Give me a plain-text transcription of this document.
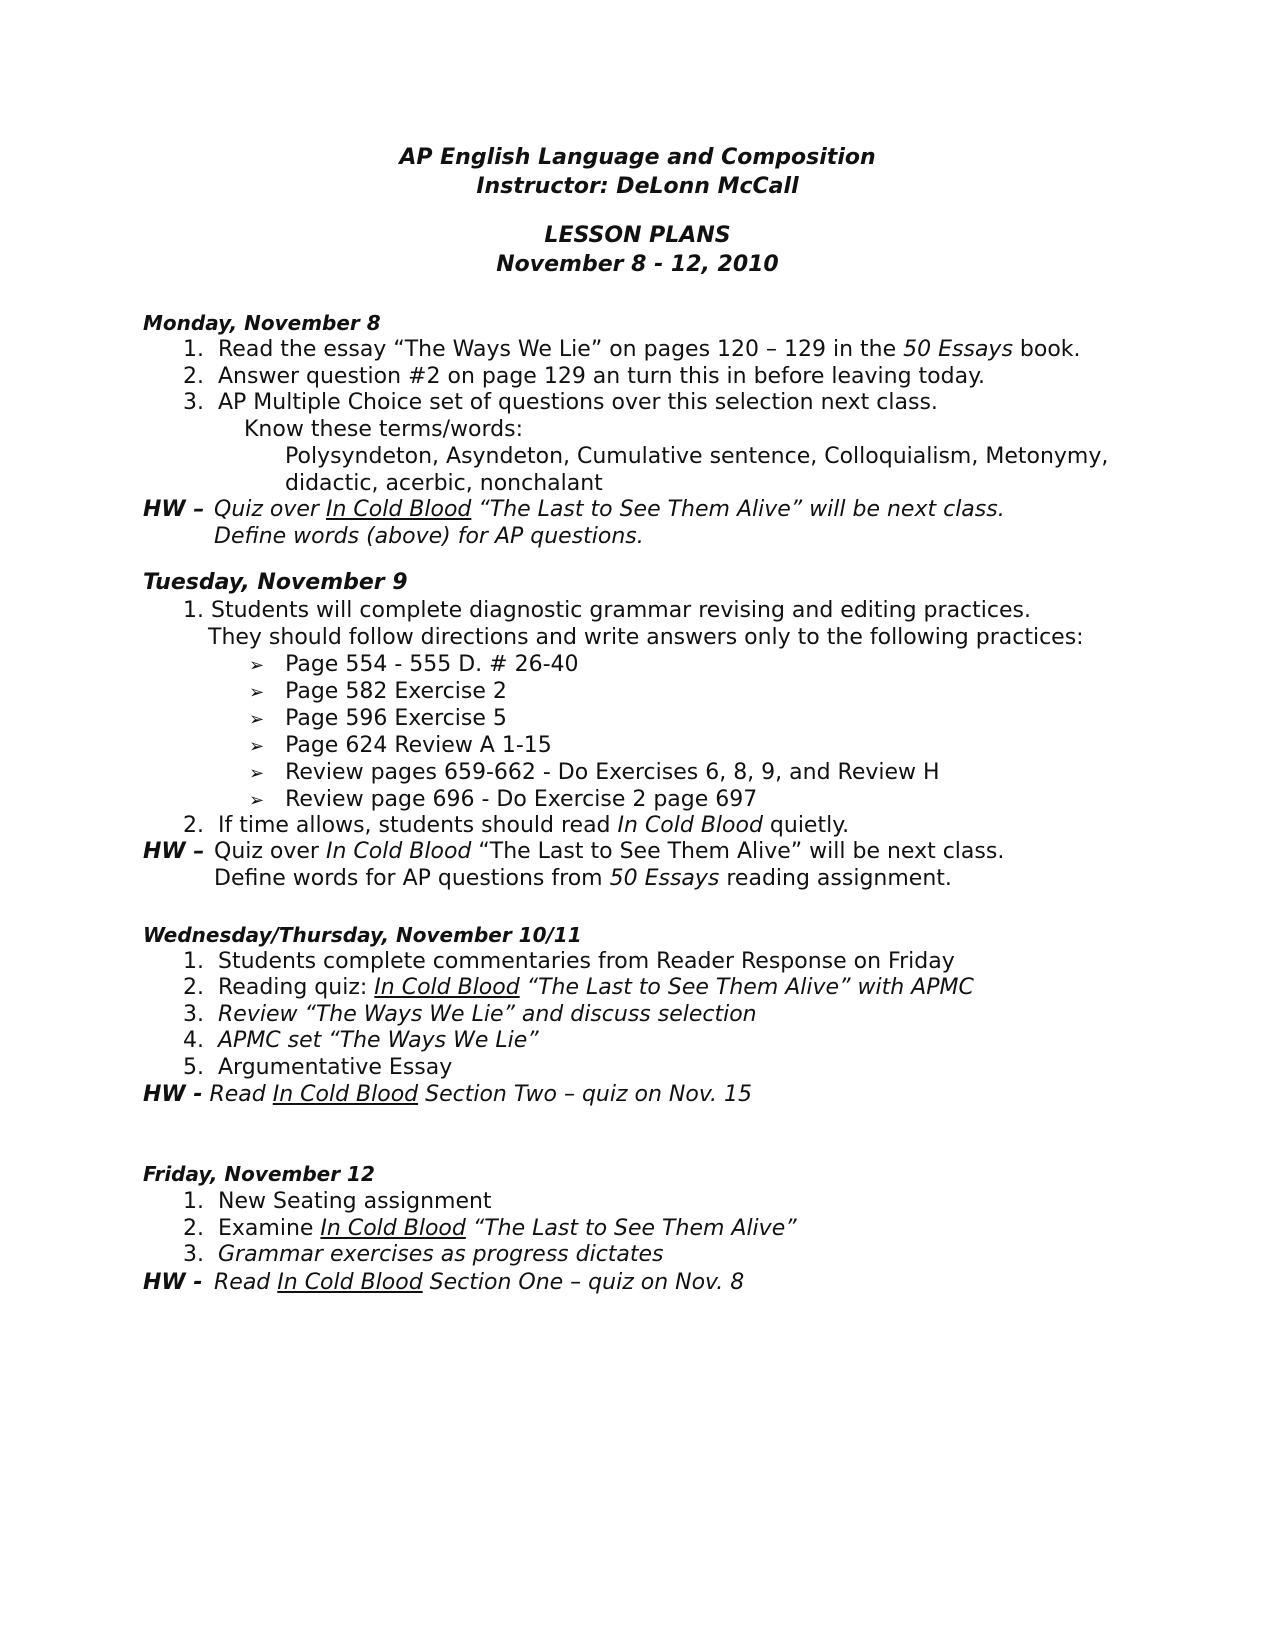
AP English Language and Composition
Instructor: DeLonn McCall
LESSON PLANS
November 8 - 12, 2010
Monday, November 8
1. Read the essay “The Ways We Lie” on pages 120 – 129 in the 50 Essays book.
2. Answer question #2 on page 129 an turn this in before leaving today.
3. AP Multiple Choice set of questions over this selection next class.
Know these terms/words:
Polysyndeton, Asyndeton, Cumulative sentence, Colloquialism, Metonymy,
didactic, acerbic, nonchalant
HW – Quiz over In Cold Blood “The Last to See Them Alive” will be next class.
Define words (above) for AP questions.
Tuesday, November 9
1. Students will complete diagnostic grammar revising and editing practices.
They should follow directions and write answers only to the following practices:
➢ Page 554 - 555 D. # 26-40
➢ Page 582 Exercise 2
➢ Page 596 Exercise 5
➢ Page 624 Review A 1-15
➢ Review pages 659-662 - Do Exercises 6, 8, 9, and Review H
➢ Review page 696 - Do Exercise 2 page 697
2. If time allows, students should read In Cold Blood quietly.
HW – Quiz over In Cold Blood “The Last to See Them Alive” will be next class.
Define words for AP questions from 50 Essays reading assignment.
Wednesday/Thursday, November 10/11
1. Students complete commentaries from Reader Response on Friday
2. Reading quiz: In Cold Blood “The Last to See Them Alive” with APMC
3. Review “The Ways We Lie” and discuss selection
4. APMC set “The Ways We Lie”
5. Argumentative Essay
HW - Read In Cold Blood Section Two – quiz on Nov. 15
Friday, November 12
1. New Seating assignment
2. Examine In Cold Blood “The Last to See Them Alive”
3. Grammar exercises as progress dictates
HW - Read In Cold Blood Section One – quiz on Nov. 8
